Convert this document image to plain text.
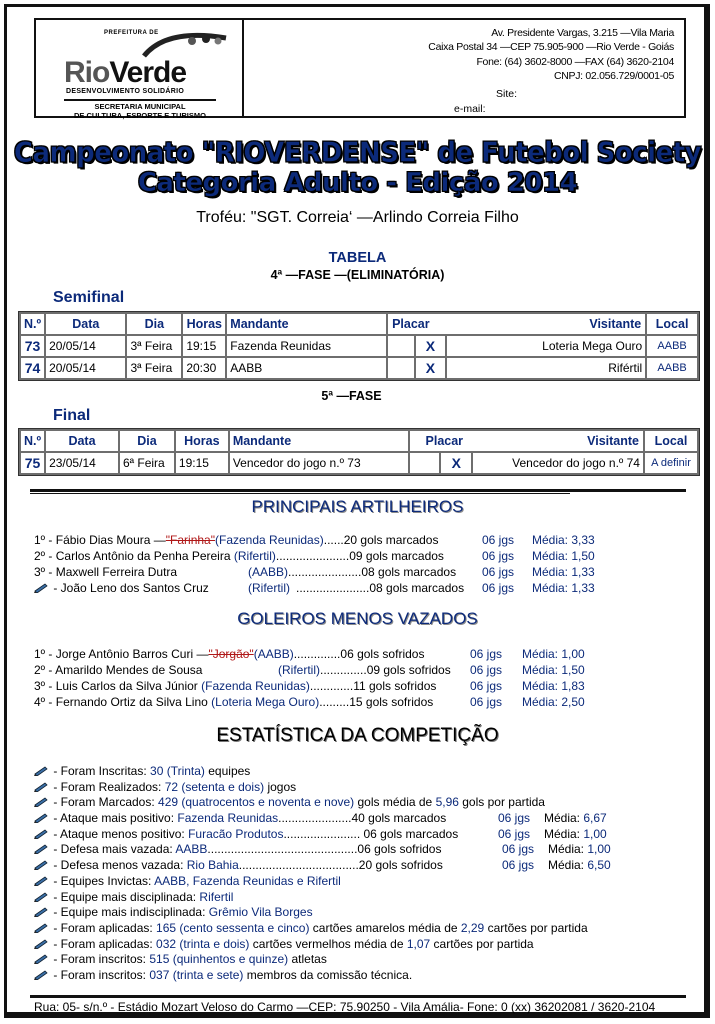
PREFEITURA DE
RioVerde
DESENVOLVIMENTO SOLIDÁRIO
SECRETARIA MUNICIPAL
DE CULTURA, ESPORTE E TURISMO
Av. Presidente Vargas, 3.215 —Vila Maria
Caixa Postal 34 —CEP 75.905-900 —Rio Verde - Goiás
Fone: (64) 3602-8000 —FAX (64) 3620-2104
CNPJ: 02.056.729/0001-05
Site:
e-mail:
Campeonato "RIOVERDENSE" de Futebol Society
Categoria Adulto - Edição 2014
Troféu: "SGT. Correia‘ —Arlindo Correia Filho
TABELA
4ª —FASE —(ELIMINATÓRIA)
Semifinal
N.º	Data	Dia	Horas	Mandante	Placar Visitante			Local
73	20/05/14	3ª Feira	19:15	Fazenda Reunidas		X	Loteria Mega Ouro	AABB
74	20/05/14	3ª Feira	20:30	AABB		X	Rifértil	AABB
5ª —FASE
Final
N.º	Data	Dia	Horas	Mandante	Placar Visitante			Local
75	23/05/14	6ª Feira	19:15	Vencedor do jogo n.º 73		X	Vencedor do jogo n.º 74	A definir
PRINCIPAIS ARTILHEIROS
1º - Fábio Dias Moura —"Farinha"(Fazenda Reunidas)......20 gols marcados	06 jgs Média: 3,33
2º - Carlos Antônio da Penha Pereira (Rifertil)......................09 gols marcados	06 jgs Média: 1,50
3º - Maxwell Ferreira Dutra	(AABB) ......................08 gols marcados 06 jgs Média: 1,33
- João Leno dos Santos Cruz	(Rifertil) ......................08 gols marcados 06 jgs Média: 1,33
GOLEIROS MENOS VAZADOS
1º - Jorge Antônio Barros Curi —"Jorgão"(AABB)..............06 gols sofridos	06 jgs Média: 1,00
2º - Amarildo Mendes de Sousa	(Rifertil) ..............09 gols sofridos 06 jgs Média: 1,50
3º - Luis Carlos da Silva Júnior (Fazenda Reunidas).............11 gols sofridos	06 jgs Média: 1,83
4º - Fernando Ortiz da Silva Lino (Loteria Mega Ouro).........15 gols sofridos	06 jgs Média: 2,50
ESTATÍSTICA DA COMPETIÇÃO
- Foram Inscritas: 30 (Trinta) equipes
- Foram Realizados: 72 (setenta e dois) jogos
- Foram Marcados: 429 (quatrocentos e noventa e nove) gols média de 5,96 gols por partida
- Ataque mais positivo: Fazenda Reunidas......................40 gols marcados	06 jgs Média: 6,67
- Ataque menos positivo: Furacão Produtos....................... 06 gols marcados	06 jgs Média: 1,00
- Defesa mais vazada: AABB.............................................06 gols sofridos	06 jgs Média: 1,00
- Defesa menos vazada: Rio Bahia....................................20 gols sofridos	06 jgs Média: 6,50
- Equipes Invictas: AABB, Fazenda Reunidas e Rifertil
- Equipe mais disciplinada: Rifertil
- Equipe mais indisciplinada: Grêmio Vila Borges
- Foram aplicadas: 165 (cento sessenta e cinco) cartões amarelos média de 2,29 cartões por partida
- Foram aplicadas: 032 (trinta e dois) cartões vermelhos média de 1,07 cartões por partida
- Foram inscritos: 515 (quinhentos e quinze) atletas
- Foram inscritos: 037 (trinta e sete) membros da comissão técnica.
Rua: 05- s/n.º - Estádio Mozart Veloso do Carmo —CEP: 75.90250 - Vila Amália- Fone: 0 (xx) 36202081 / 3620-2104
